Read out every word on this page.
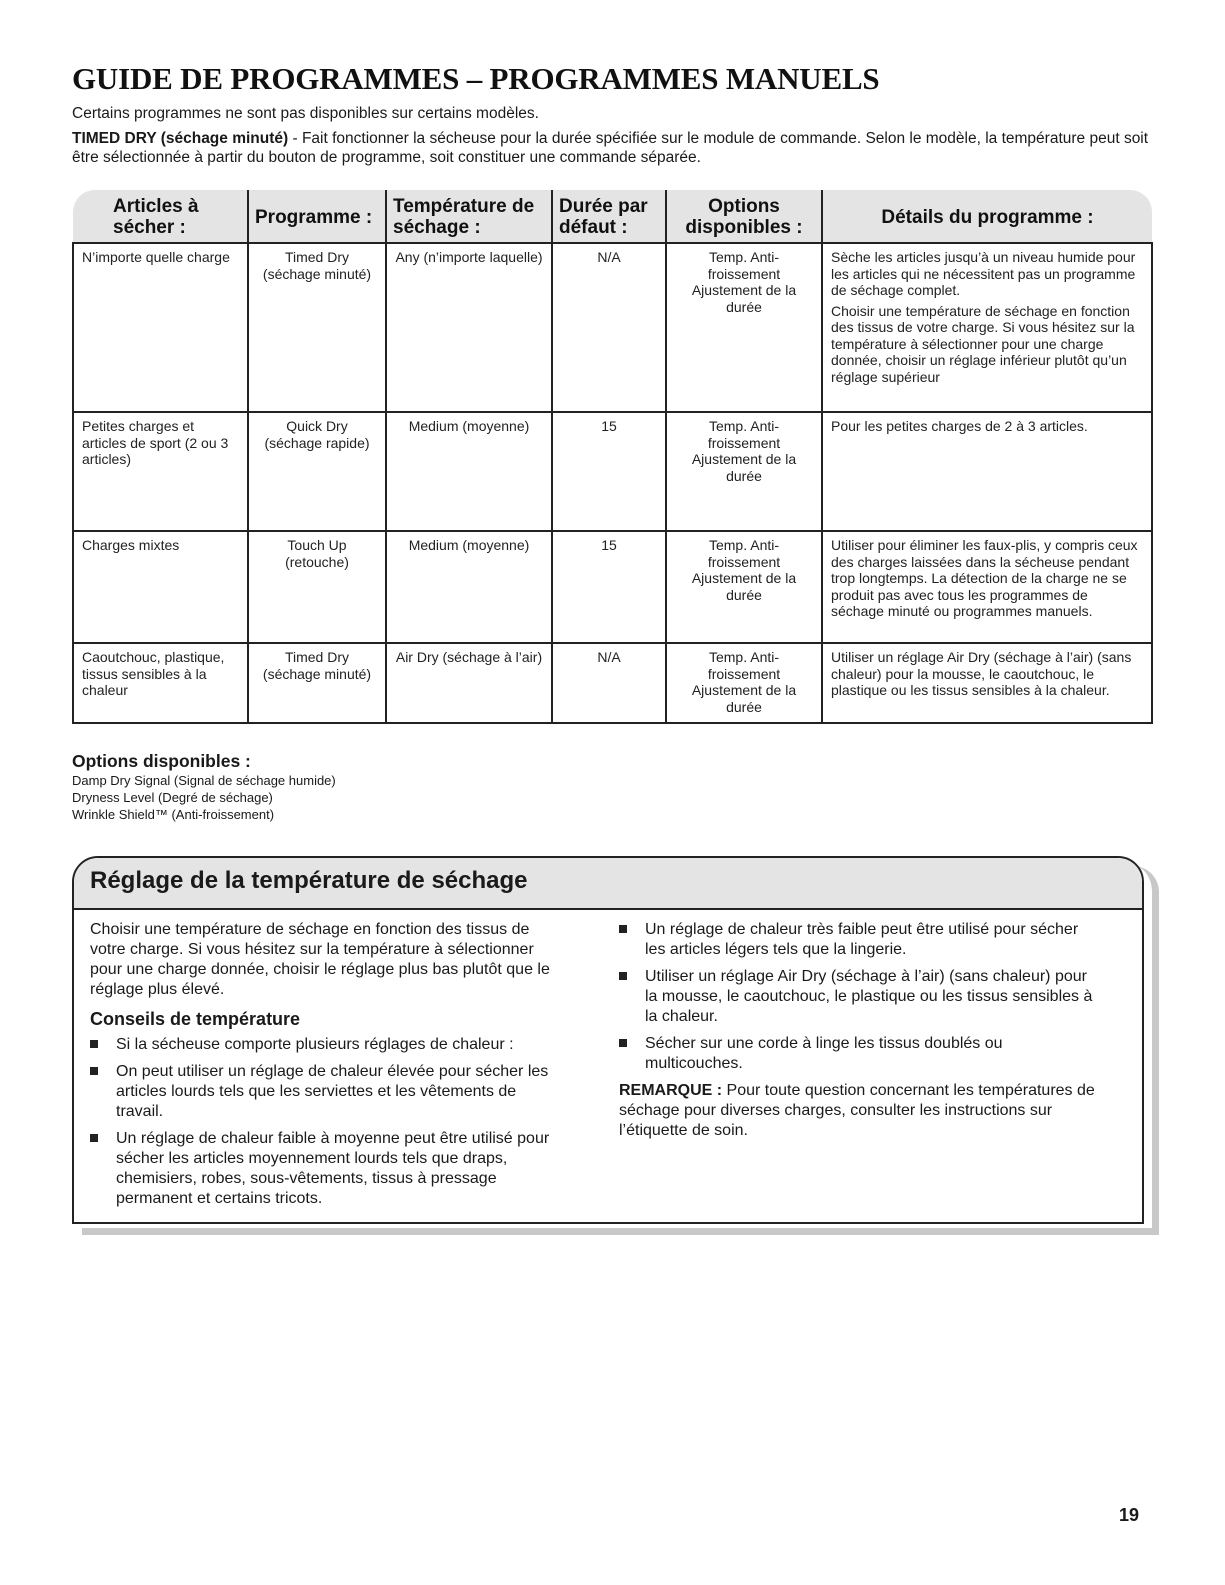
GUIDE DE PROGRAMMES – PROGRAMMES MANUELS

Certains programmes ne sont pas disponibles sur certains modèles.

TIMED DRY (séchage minuté) - Fait fonctionner la sécheuse pour la durée spécifiée sur le module de commande. Selon le modèle, la température peut soit être sélectionnée à partir du bouton de programme, soit constituer une commande séparée.

Articles à sécher :	Programme :	Température de séchage :	Durée par défaut :	Options disponibles :	Détails du programme :
N’importe quelle charge	Timed Dry (séchage minuté)	Any (n’importe laquelle)	N/A	Temp. Anti-froissement Ajustement de la durée	Sèche les articles jusqu’à un niveau humide pour les articles qui ne nécessitent pas un programme de séchage complet.
Choisir une température de séchage en fonction des tissus de votre charge. Si vous hésitez sur la température à sélectionner pour une charge donnée, choisir un réglage inférieur plutôt qu’un réglage supérieur

Petites charges et articles de sport (2 ou 3 articles)	Quick Dry (séchage rapide)	Medium (moyenne)	15	Temp. Anti-froissement Ajustement de la durée	Pour les petites charges de 2 à 3 articles.
Charges mixtes	Touch Up (retouche)	Medium (moyenne)	15	Temp. Anti-froissement Ajustement de la durée	Utiliser pour éliminer les faux-plis, y compris ceux des charges laissées dans la sécheuse pendant trop longtemps. La détection de la charge ne se produit pas avec tous les programmes de séchage minuté ou programmes manuels.
Caoutchouc, plastique, tissus sensibles à la chaleur	Timed Dry (séchage minuté)	Air Dry (séchage à l’air)	N/A	Temp. Anti-froissement Ajustement de la durée	Utiliser un réglage Air Dry (séchage à l’air) (sans chaleur) pour la mousse, le caoutchouc, le plastique ou les tissus sensibles à la chaleur.
Options disponibles :
Damp Dry Signal (Signal de séchage humide)
Dryness Level (Degré de séchage)
Wrinkle Shield™ (Anti-froissement)
Réglage de la température de séchage

Choisir une température de séchage en fonction des tissus de votre charge. Si vous hésitez sur la température à sélectionner pour une charge donnée, choisir le réglage plus bas plutôt que le réglage plus élevé.

Conseils de température
Si la sécheuse comporte plusieurs réglages de chaleur :
On peut utiliser un réglage de chaleur élevée pour sécher les articles lourds tels que les serviettes et les vêtements de travail.
Un réglage de chaleur faible à moyenne peut être utilisé pour sécher les articles moyennement lourds tels que draps, chemisiers, robes, sous-vêtements, tissus à pressage permanent et certains tricots.
Un réglage de chaleur très faible peut être utilisé pour sécher les articles légers tels que la lingerie.
Utiliser un réglage Air Dry (séchage à l’air) (sans chaleur) pour la mousse, le caoutchouc, le plastique ou les tissus sensibles à la chaleur.
Sécher sur une corde à linge les tissus doublés ou multicouches.

REMARQUE : Pour toute question concernant les températures de séchage pour diverses charges, consulter les instructions sur l’étiquette de soin.

19
